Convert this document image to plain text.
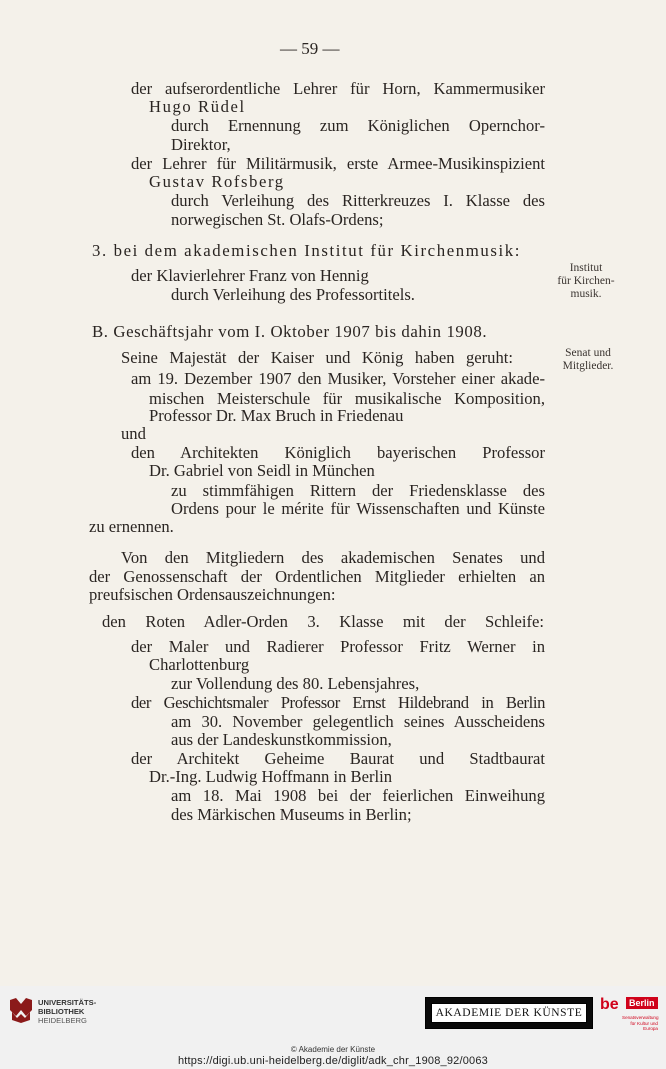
— 59 —
der aufserordentliche Lehrer für Horn, Kammermusiker
Hugo Rüdel
durch Ernennung zum Königlichen Opernchor-
Direktor,
der Lehrer für Militärmusik, erste Armee-Musikinspizient
Gustav Rofsberg
durch Verleihung des Ritterkreuzes I. Klasse des
norwegischen St. Olafs-Ordens;
3. bei dem akademischen Institut für Kirchenmusik:
der Klavierlehrer Franz von Hennig
durch Verleihung des Professortitels.
B. Geschäftsjahr vom I. Oktober 1907 bis dahin 1908.
Seine Majestät der Kaiser und König haben geruht:
am 19. Dezember 1907 den Musiker, Vorsteher einer akade-
mischen Meisterschule für musikalische Komposition,
Professor Dr. Max Bruch in Friedenau
und
den Architekten Königlich bayerischen Professor
Dr. Gabriel von Seidl in München
zu stimmfähigen Rittern der Friedensklasse des
Ordens pour le mérite für Wissenschaften und Künste
zu ernennen.
Von den Mitgliedern des akademischen Senates und
der Genossenschaft der Ordentlichen Mitglieder erhielten an
preufsischen Ordensauszeichnungen:
den Roten Adler-Orden 3. Klasse mit der Schleife:
der Maler und Radierer Professor Fritz Werner in
Charlottenburg
zur Vollendung des 80. Lebensjahres,
der Geschichtsmaler Professor Ernst Hildebrand in Berlin
am 30. November gelegentlich seines Ausscheidens
aus der Landeskunstkommission,
der Architekt Geheime Baurat und Stadtbaurat
Dr.-Ing. Ludwig Hoffmann in Berlin
am 18. Mai 1908 bei der feierlichen Einweihung
des Märkischen Museums in Berlin;
Institut
für Kirchen-
musik.
Senat und
Mitglieder.
UNIVERSITÄTS-
BIBLIOTHEK
HEIDELBERG
AKADEMIE DER KÜNSTE be	Berlin
Senatsverwaltung
für Kultur und Europa
© Akademie der Künste
https://digi.ub.uni-heidelberg.de/diglit/adk_chr_1908_92/0063
